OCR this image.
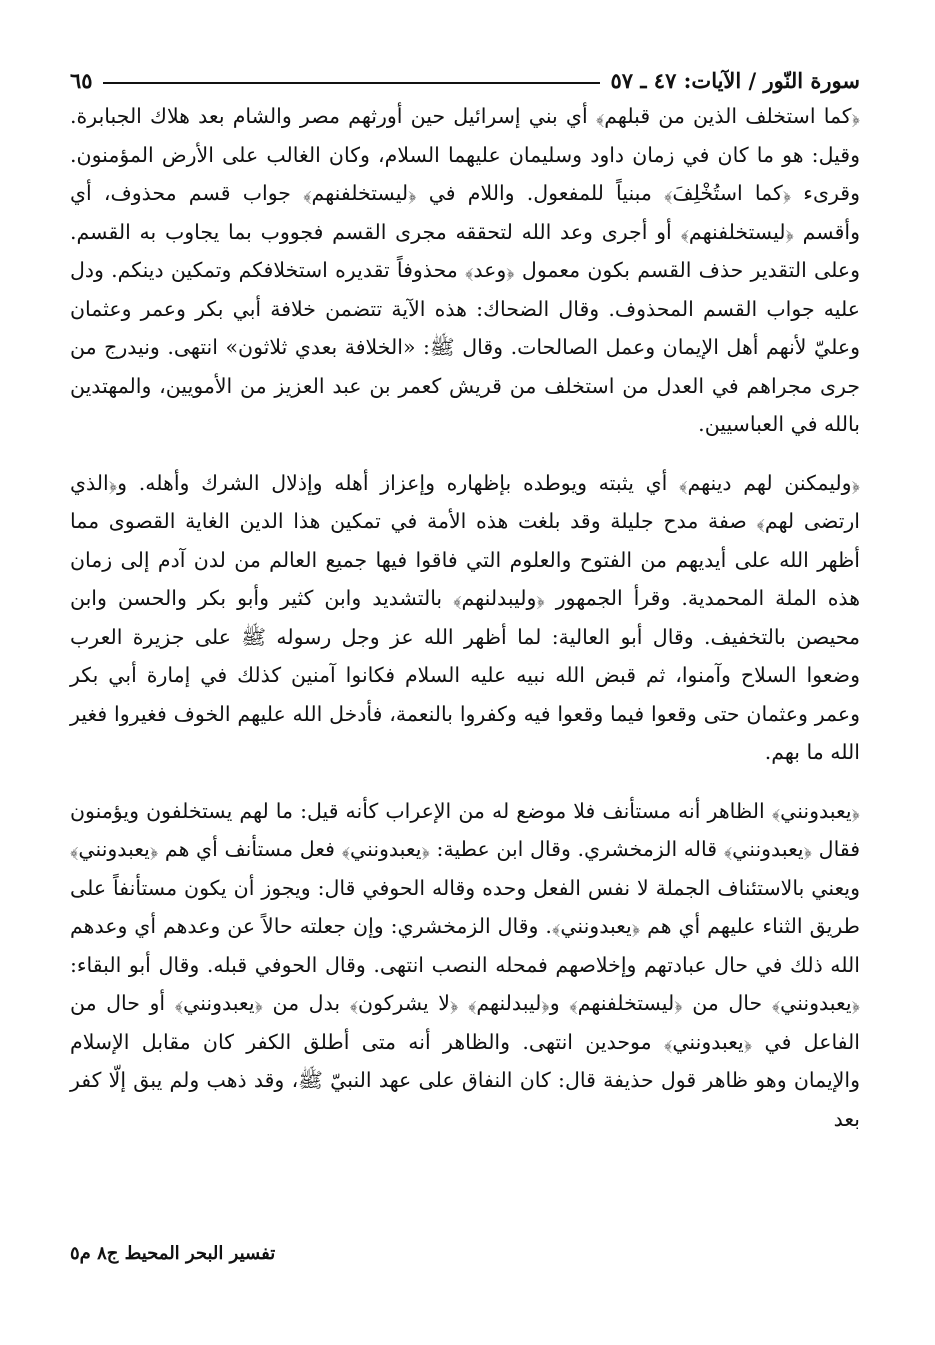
سورة النّور / الآيات: ٤٧ ـ ٥٧
٦٥

﴿كما استخلف الذين من قبلهم﴾ أي بني إسرائيل حين أورثهم مصر والشام بعد هلاك الجبابرة. وقيل: هو ما كان في زمان داود وسليمان عليهما السلام، وكان الغالب على الأرض المؤمنون. وقرىء ﴿كما استُخْلِفَ﴾ مبنياً للمفعول. واللام في ﴿ليستخلفنهم﴾ جواب قسم محذوف، أي وأقسم ﴿ليستخلفنهم﴾ أو أجرى وعد الله لتحققه مجرى القسم فجووب بما يجاوب به القسم. وعلى التقدير حذف القسم بكون معمول ﴿وعد﴾ محذوفاً تقديره استخلافكم وتمكين دينكم. ودل عليه جواب القسم المحذوف. وقال الضحاك: هذه الآية تتضمن خلافة أبي بكر وعمر وعثمان وعليّ لأنهم أهل الإيمان وعمل الصالحات. وقال ﷺ: «الخلافة بعدي ثلاثون» انتهى. ونيدرج من جرى مجراهم في العدل من استخلف من قريش كعمر بن عبد العزيز من الأمويين، والمهتدين بالله في العباسيين.

﴿وليمكنن لهم دينهم﴾ أي يثبته ويوطده بإظهاره وإعزاز أهله وإذلال الشرك وأهله. و﴿الذي ارتضى لهم﴾ صفة مدح جليلة وقد بلغت هذه الأمة في تمكين هذا الدين الغاية القصوى مما أظهر الله على أيديهم من الفتوح والعلوم التي فاقوا فيها جميع العالم من لدن آدم إلى زمان هذه الملة المحمدية. وقرأ الجمهور ﴿وليبدلنهم﴾ بالتشديد وابن كثير وأبو بكر والحسن وابن محيصن بالتخفيف. وقال أبو العالية: لما أظهر الله عز وجل رسوله ﷺ على جزيرة العرب وضعوا السلاح وآمنوا، ثم قبض الله نبيه عليه السلام فكانوا آمنين كذلك في إمارة أبي بكر وعمر وعثمان حتى وقعوا فيما وقعوا فيه وكفروا بالنعمة، فأدخل الله عليهم الخوف فغيروا فغير الله ما بهم.

﴿يعبدونني﴾ الظاهر أنه مستأنف فلا موضع له من الإعراب كأنه قيل: ما لهم يستخلفون ويؤمنون فقال ﴿يعبدونني﴾ قاله الزمخشري. وقال ابن عطية: ﴿يعبدونني﴾ فعل مستأنف أي هم ﴿يعبدونني﴾ ويعني بالاستئناف الجملة لا نفس الفعل وحده وقاله الحوفي قال: ويجوز أن يكون مستأنفاً على طريق الثناء عليهم أي هم ﴿يعبدونني﴾. وقال الزمخشري: وإن جعلته حالاً عن وعدهم أي وعدهم الله ذلك في حال عبادتهم وإخلاصهم فمحله النصب انتهى. وقال الحوفي قبله. وقال أبو البقاء: ﴿يعبدونني﴾ حال من ﴿ليستخلفنهم﴾ و﴿ليبدلنهم﴾ ﴿لا يشركون﴾ بدل من ﴿يعبدونني﴾ أو حال من الفاعل في ﴿يعبدونني﴾ موحدين انتهى. والظاهر أنه متى أطلق الكفر كان مقابل الإسلام والإيمان وهو ظاهر قول حذيفة قال: كان النفاق على عهد النبيّ ﷺ، وقد ذهب ولم يبق إلّا كفر بعد

تفسير البحر المحيط ج٨ م٥
